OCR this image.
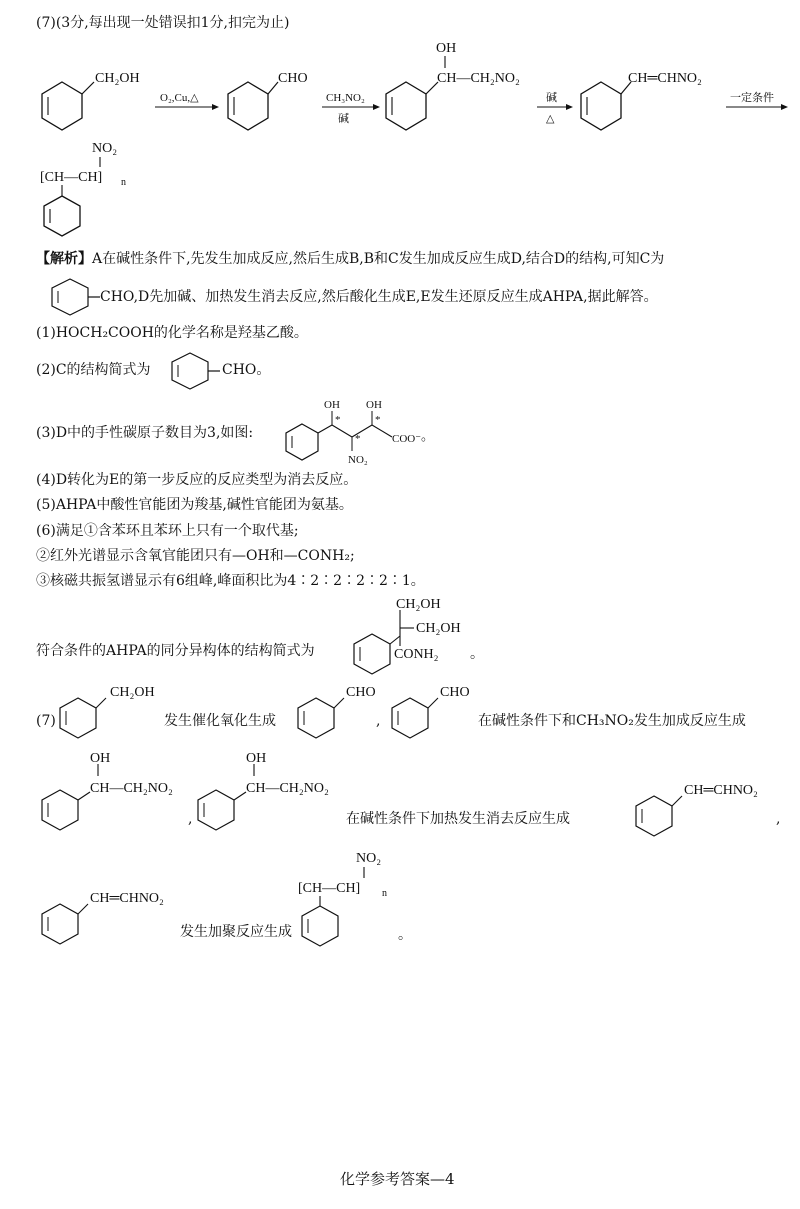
(7)(3分,每出现一处错误扣1分,扣完为止)
CH₂OH
O₂,Cu,△
CHO
CH₃NO₂
碱
OH
CH—CH₂NO₂
碱
△
CH═CHNO₂
一定条件
NO₂
[CH—CH] n
【解析】A在碱性条件下,先发生加成反应,然后生成B,B和C发生加成反应生成D,结合D的结构,可知C为
CHO,D先加碱、加热发生消去反应,然后酸化生成E,E发生还原反应生成AHPA,据此解答。
(1)HOCH₂COOH的化学名称是羟基乙酸。
(2)C的结构简式为	CHO。
(3)D中的手性碳原子数目为3,如图:
OH OH
*
*
*
NO₂
COO⁻ 。
(4)D转化为E的第一步反应的反应类型为消去反应。
(5)AHPA中酸性官能团为羧基,碱性官能团为氨基。
(6)满足①含苯环且苯环上只有一个取代基;
②红外光谱显示含氧官能团只有—OH和—CONH₂;
③核磁共振氢谱显示有6组峰,峰面积比为4∶2∶2∶2∶2∶1。
符合条件的AHPA的同分异构体的结构简式为
CH₂OH
CH₂OH
CONH₂ 。
(7)
CH₂OH
发生催化氧化生成
CHO
,
CHO
在碱性条件下和CH₃NO₂发生加成反应生成
OH
CH—CH₂NO₂
,
OH
CH—CH₂NO₂
在碱性条件下加热发生消去反应生成
CH═CHNO₂
,
CH═CHNO₂
发生加聚反应生成
NO₂
[CH—CH] n
。
化学参考答案—4
